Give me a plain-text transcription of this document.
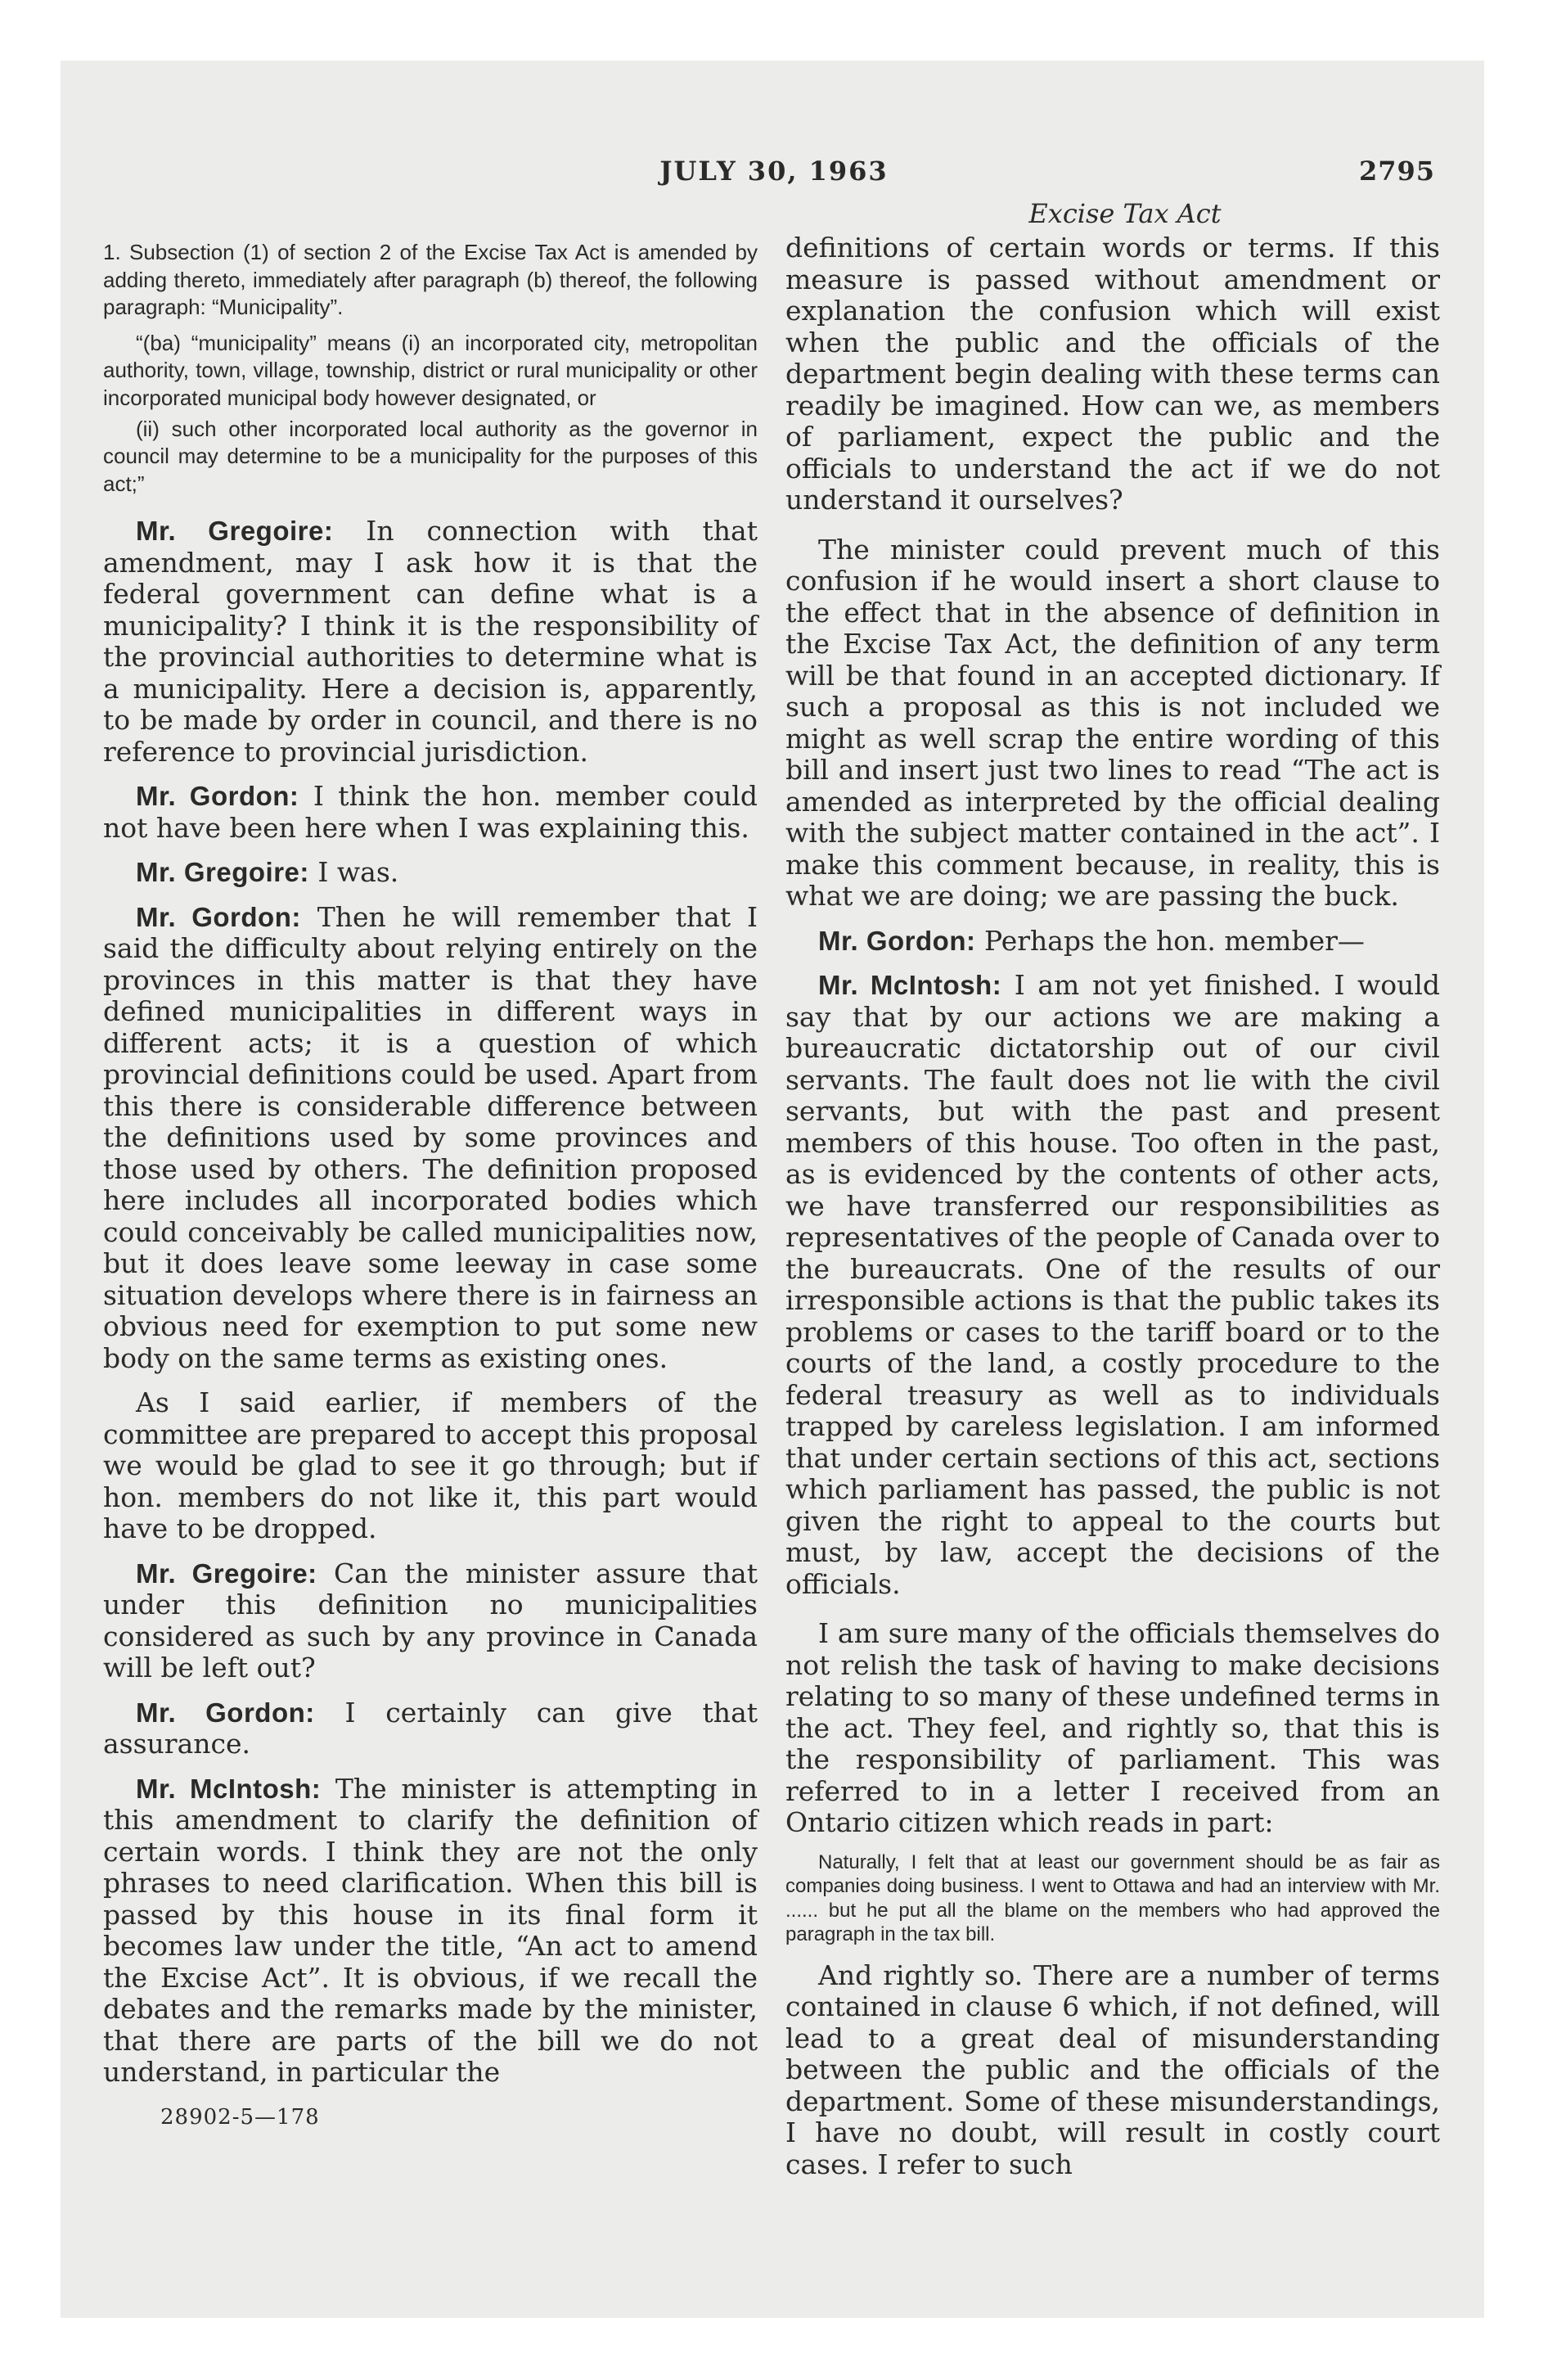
JULY 30, 1963	2795

1. Subsection (1) of section 2 of the Excise Tax Act is amended by adding thereto, immediately after paragraph (b) thereof, the following paragraph: “Municipality”.

“(ba) “municipality” means (i) an incorporated city, metropolitan authority, town, village, township, district or rural municipality or other incorporated municipal body however designated, or

(ii) such other incorporated local authority as the governor in council may determine to be a municipality for the purposes of this act;”

Mr. Gregoire: In connection with that amendment, may I ask how it is that the federal government can define what is a municipality? I think it is the responsibility of the provincial authorities to determine what is a municipality. Here a decision is, apparently, to be made by order in council, and there is no reference to provincial jurisdiction.

Mr. Gordon: I think the hon. member could not have been here when I was explaining this.

Mr. Gregoire: I was.

Mr. Gordon: Then he will remember that I said the difficulty about relying entirely on the provinces in this matter is that they have defined municipalities in different ways in different acts; it is a question of which provincial definitions could be used. Apart from this there is considerable difference between the definitions used by some provinces and those used by others. The definition proposed here includes all incorporated bodies which could conceivably be called municipalities now, but it does leave some leeway in case some situation develops where there is in fairness an obvious need for exemption to put some new body on the same terms as existing ones.

As I said earlier, if members of the committee are prepared to accept this proposal we would be glad to see it go through; but if hon. members do not like it, this part would have to be dropped.

Mr. Gregoire: Can the minister assure that under this definition no municipalities considered as such by any province in Canada will be left out?

Mr. Gordon: I certainly can give that assurance.

Mr. McIntosh: The minister is attempting in this amendment to clarify the definition of certain words. I think they are not the only phrases to need clarification. When this bill is passed by this house in its final form it becomes law under the title, “An act to amend the Excise Act”. It is obvious, if we recall the debates and the remarks made by the minister, that there are parts of the bill we do not understand, in particular the

28902-5—178
Excise Tax Act

definitions of certain words or terms. If this measure is passed without amendment or explanation the confusion which will exist when the public and the officials of the department begin dealing with these terms can readily be imagined. How can we, as members of parliament, expect the public and the officials to understand the act if we do not understand it ourselves?

The minister could prevent much of this confusion if he would insert a short clause to the effect that in the absence of definition in the Excise Tax Act, the definition of any term will be that found in an accepted dictionary. If such a proposal as this is not included we might as well scrap the entire wording of this bill and insert just two lines to read “The act is amended as interpreted by the official dealing with the subject matter contained in the act”. I make this comment because, in reality, this is what we are doing; we are passing the buck.

Mr. Gordon: Perhaps the hon. member—

Mr. McIntosh: I am not yet finished. I would say that by our actions we are making a bureaucratic dictatorship out of our civil servants. The fault does not lie with the civil servants, but with the past and present members of this house. Too often in the past, as is evidenced by the contents of other acts, we have transferred our responsibilities as representatives of the people of Canada over to the bureaucrats. One of the results of our irresponsible actions is that the public takes its problems or cases to the tariff board or to the courts of the land, a costly procedure to the federal treasury as well as to individuals trapped by careless legislation. I am informed that under certain sections of this act, sections which parliament has passed, the public is not given the right to appeal to the courts but must, by law, accept the decisions of the officials.

I am sure many of the officials themselves do not relish the task of having to make decisions relating to so many of these undefined terms in the act. They feel, and rightly so, that this is the responsibility of parliament. This was referred to in a letter I received from an Ontario citizen which reads in part:

Naturally, I felt that at least our government should be as fair as companies doing business. I went to Ottawa and had an interview with Mr. ...... but he put all the blame on the members who had approved the paragraph in the tax bill.

And rightly so. There are a number of terms contained in clause 6 which, if not defined, will lead to a great deal of misunderstanding between the public and the officials of the department. Some of these misunderstandings, I have no doubt, will result in costly court cases. I refer to such
